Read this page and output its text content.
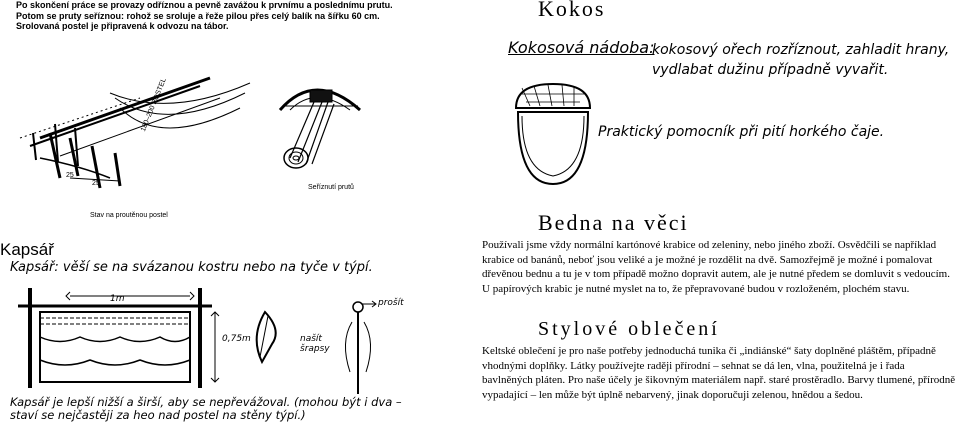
Po skončení práce se provazy odříznou a pevně zavážou k prvnímu a poslednímu prutu.
Potom se pruty seříznou: rohož se sroluje a řeže pilou přes celý balík na šířku 60 cm.
Srolovaná postel je připravená k odvozu na tábor.
25
25
180–200 POSTEL
Stav na proutěnou postel
Seříznutí prutů
Kokos
Kokosová nádoba:
kokosový ořech rozříznout, zahladit hrany, vydlabat dužinu případně vyvařit.
Praktický pomocník při pití horkého čaje.
Bedna na věci
Používali jsme vždy normální kartónové krabice od zeleniny, nebo jiného zboží. Osvědčili se například krabice od banánů, neboť jsou veliké a je možné je rozdělit na dvě. Samozřejmě je možné i pomalovat dřevěnou bednu a tu je v tom případě možno dopravit autem, ale je nutné předem se domluvit s vedoucím. U papírových krabic je nutné myslet na to, že přepravované budou v rozloženém, plochém stavu.
Kapsář
Kapsář: věší se na svázanou kostru nebo na tyče v týpí.
1m
0,75m	našít šrapsy
prošít
Kapsář je lepší nižší a širší, aby se nepřevážoval. (mohou být i dva – staví se nejčastěji za heo nad postel na stěny týpí.)
Stylové oblečení
Keltské oblečení je pro naše potřeby jednoduchá tunika či „indiánské“ šaty doplněné pláštěm, případně vhodnými doplňky. Látky používejte raději přírodní – sehnat se dá len, vlna, použitelná je i řada bavlněných pláten. Pro naše účely je šikovným materiálem např. staré prostěradlo. Barvy tlumené, přírodně vypadající – len může být úplně nebarvený, jinak doporučuji zelenou, hnědou a šedou.
